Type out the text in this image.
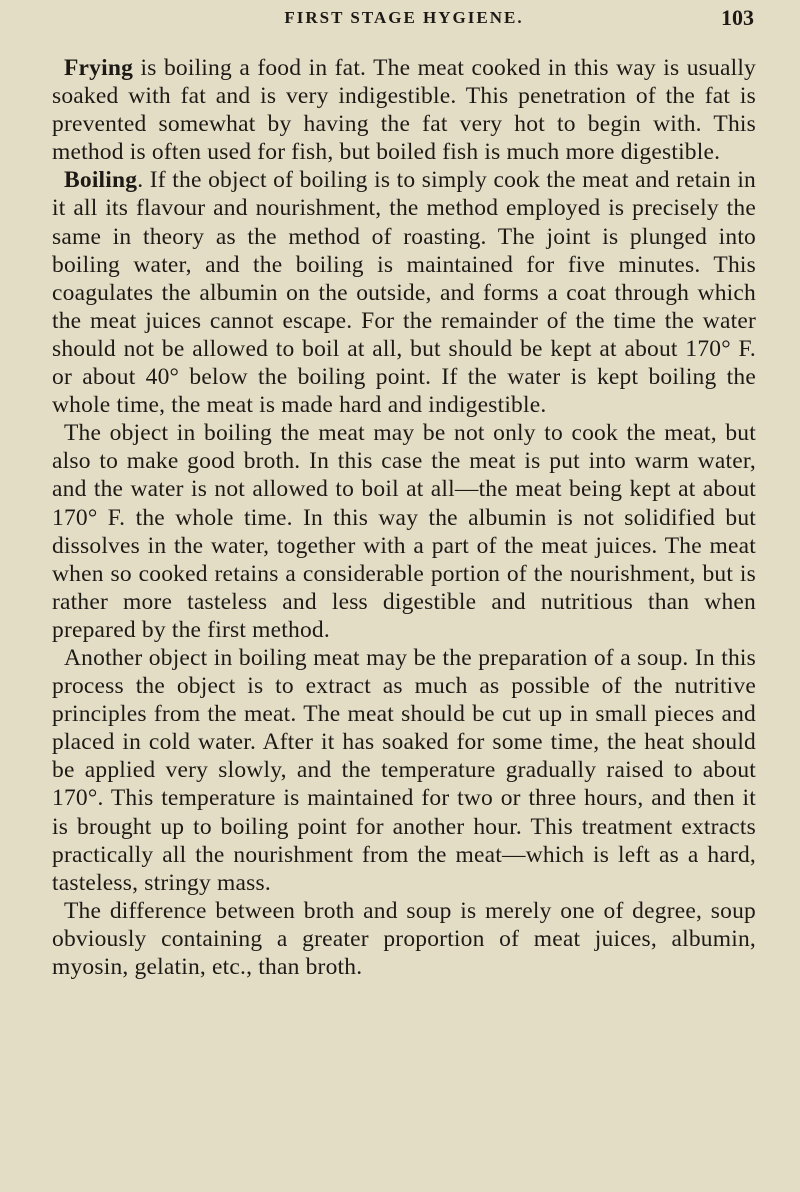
FIRST STAGE HYGIENE.	103

Frying is boiling a food in fat. The meat cooked in this way is usually soaked with fat and is very indigestible. This penetration of the fat is prevented somewhat by having the fat very hot to begin with. This method is often used for fish, but boiled fish is much more digestible.

Boiling. If the object of boiling is to simply cook the meat and retain in it all its flavour and nourishment, the method employed is precisely the same in theory as the method of roasting. The joint is plunged into boiling water, and the boiling is maintained for five minutes. This coagulates the albumin on the outside, and forms a coat through which the meat juices cannot escape. For the remainder of the time the water should not be allowed to boil at all, but should be kept at about 170° F. or about 40° below the boiling point. If the water is kept boiling the whole time, the meat is made hard and indigestible.

The object in boiling the meat may be not only to cook the meat, but also to make good broth. In this case the meat is put into warm water, and the water is not allowed to boil at all—the meat being kept at about 170° F. the whole time. In this way the albumin is not solidified but dissolves in the water, together with a part of the meat juices. The meat when so cooked retains a considerable portion of the nourishment, but is rather more tasteless and less digestible and nutritious than when prepared by the first method.

Another object in boiling meat may be the preparation of a soup. In this process the object is to extract as much as possible of the nutritive principles from the meat. The meat should be cut up in small pieces and placed in cold water. After it has soaked for some time, the heat should be applied very slowly, and the temperature gradually raised to about 170°. This temperature is maintained for two or three hours, and then it is brought up to boiling point for another hour. This treatment extracts practically all the nourishment from the meat—which is left as a hard, tasteless, stringy mass.

The difference between broth and soup is merely one of degree, soup obviously containing a greater proportion of meat juices, albumin, myosin, gelatin, etc., than broth.
